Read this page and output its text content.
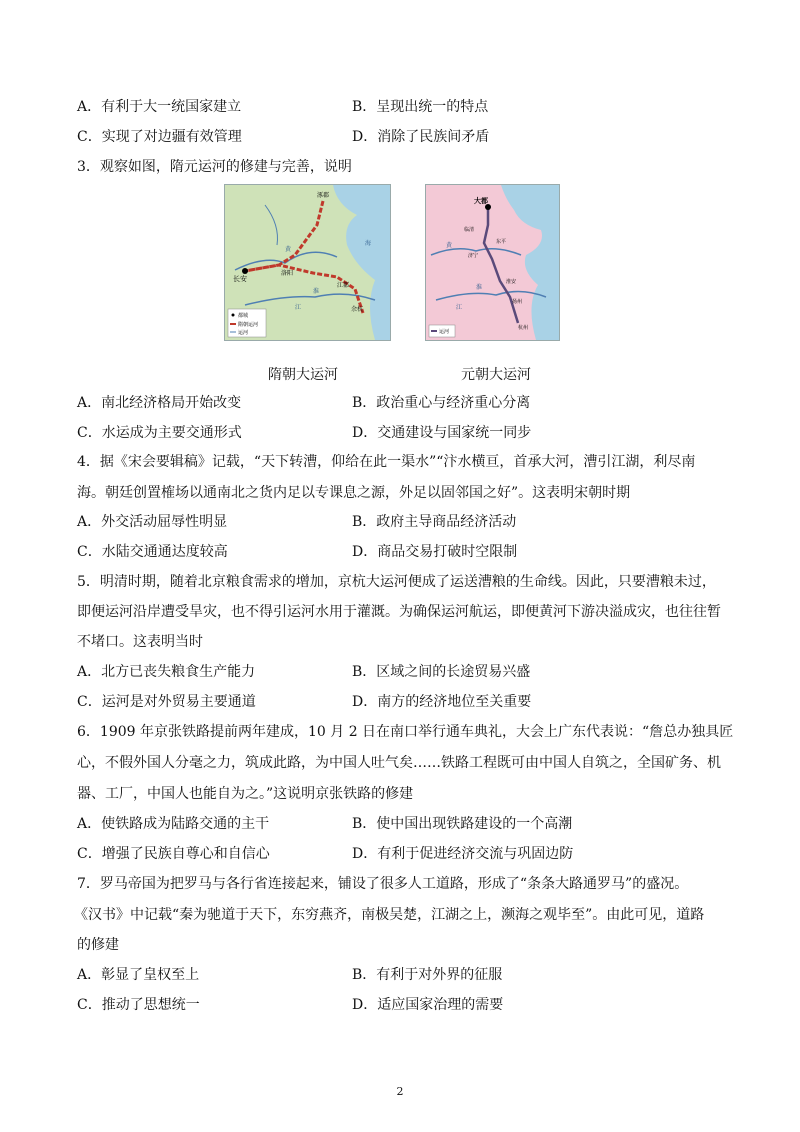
A．有利于大一统国家建立	B．呈现出统一的特点
C．实现了对边疆有效管理	D．消除了民族间矛盾
3．观察如图，隋元运河的修建与完善，说明
涿郡
长安
洛阳
江都
余杭
黄
淮
江
海
都城
隋朝运河
运河
大都
东平
临清
济宁
淮安
扬州
杭州
黄
淮
江
运河
隋朝大运河	元朝大运河
A．南北经济格局开始改变	B．政治重心与经济重心分离
C．水运成为主要交通形式	D．交通建设与国家统一同步
4．据《宋会要辑稿》记载，“天下转漕，仰给在此一渠水”“汴水横亘，首承大河，漕引江湖，利尽南
海。朝廷创置榷场以通南北之货内足以专课息之源，外足以固邻国之好”。这表明宋朝时期
A．外交活动屈辱性明显	B．政府主导商品经济活动
C．水陆交通通达度较高	D．商品交易打破时空限制
5．明清时期，随着北京粮食需求的增加，京杭大运河便成了运送漕粮的生命线。因此，只要漕粮未过，
即便运河沿岸遭受旱灾，也不得引运河水用于灌溉。为确保运河航运，即便黄河下游决溢成灾，也往往暂
不堵口。这表明当时
A．北方已丧失粮食生产能力	B．区域之间的长途贸易兴盛
C．运河是对外贸易主要通道	D．南方的经济地位至关重要
6．1909 年京张铁路提前两年建成，10 月 2 日在南口举行通车典礼，大会上广东代表说：“詹总办独具匠
心，不假外国人分毫之力，筑成此路，为中国人吐气矣……铁路工程既可由中国人自筑之，全国矿务、机
器、工厂，中国人也能自为之。”这说明京张铁路的修建
A．使铁路成为陆路交通的主干	B．使中国出现铁路建设的一个高潮
C．增强了民族自尊心和自信心	D．有利于促进经济交流与巩固边防
7．罗马帝国为把罗马与各行省连接起来，铺设了很多人工道路，形成了“条条大路通罗马”的盛况。
《汉书》中记载“秦为驰道于天下，东穷燕齐，南极吴楚，江湖之上，濒海之观毕至”。由此可见，道路
的修建
A．彰显了皇权至上	B．有利于对外界的征服
C．推动了思想统一	D．适应国家治理的需要
2
